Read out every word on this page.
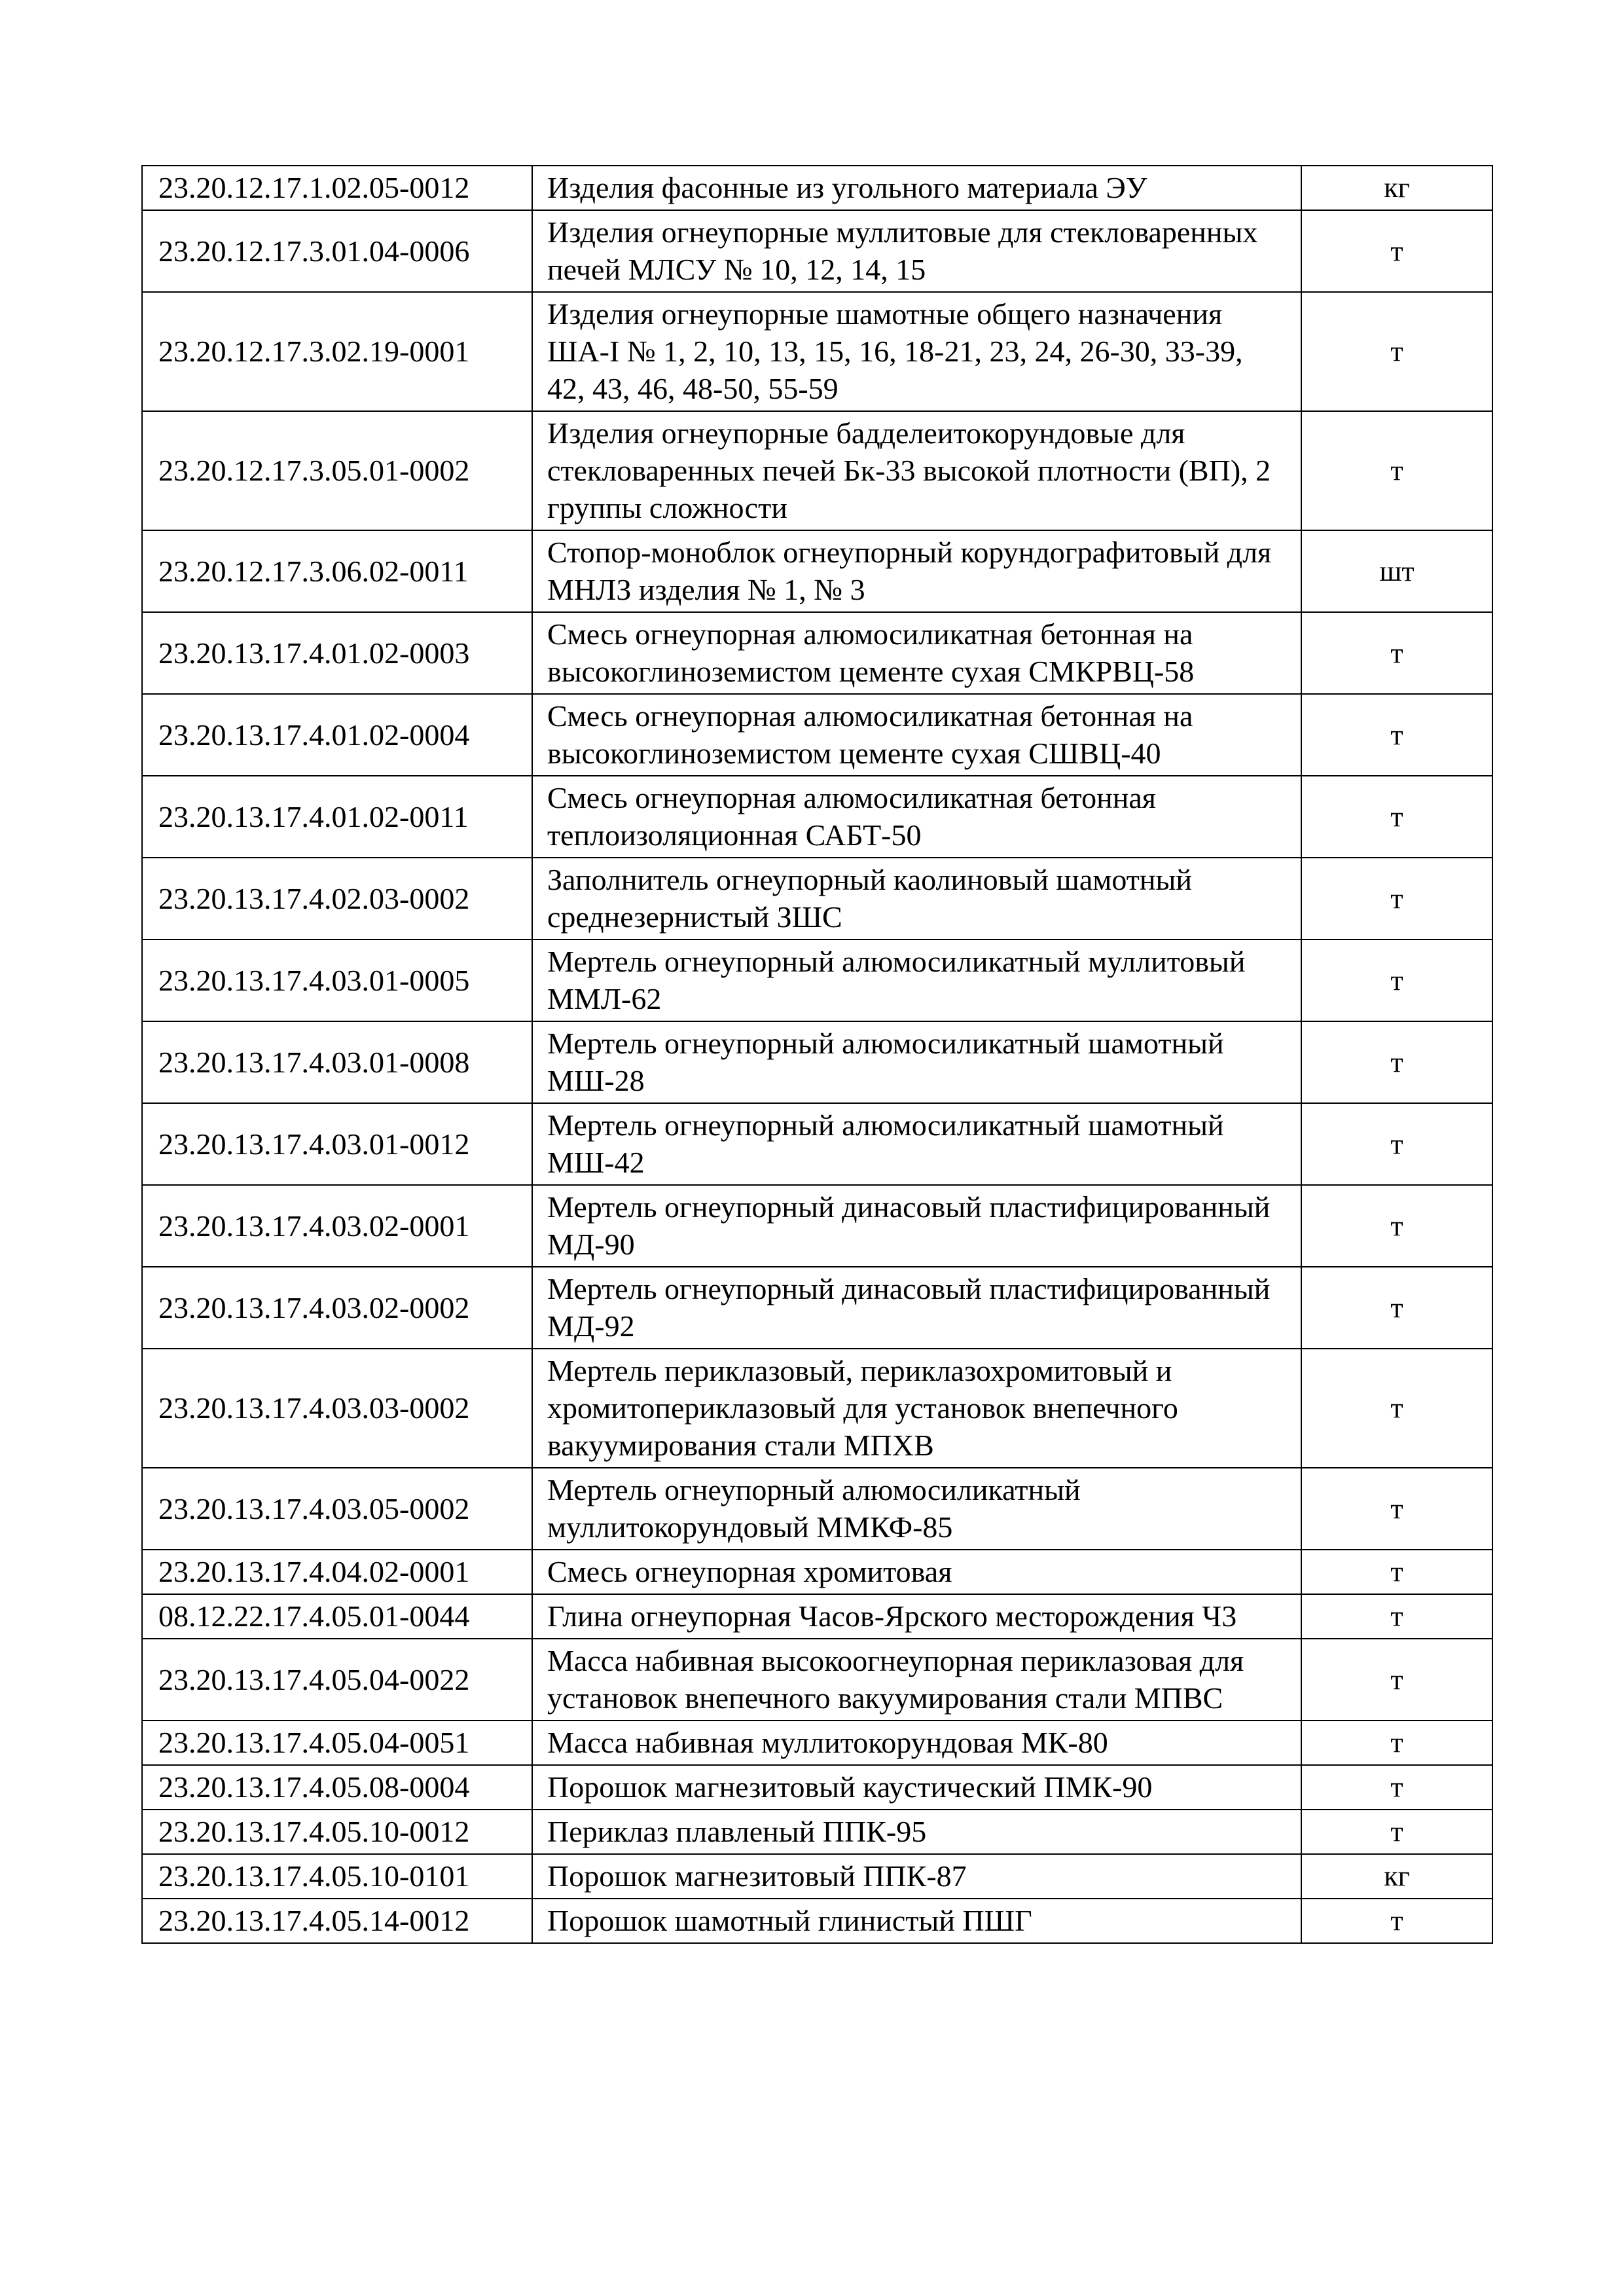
23.20.12.17.1.02.05-0012	Изделия фасонные из угольного материала ЭУ	кг
23.20.12.17.3.01.04-0006	Изделия огнеупорные муллитовые для стекловаренных печей МЛСУ № 10, 12, 14, 15	т
23.20.12.17.3.02.19-0001	Изделия огнеупорные шамотные общего назначения ША-I № 1, 2, 10, 13, 15, 16, 18-21, 23, 24, 26-30, 33-39, 42, 43, 46, 48-50, 55-59	т
23.20.12.17.3.05.01-0002	Изделия огнеупорные бадделеитокорундовые для стекловаренных печей Бк-33 высокой плотности (ВП), 2 группы сложности	т
23.20.12.17.3.06.02-0011	Стопор-моноблок огнеупорный корундографитовый для МНЛЗ изделия № 1, № 3	шт
23.20.13.17.4.01.02-0003	Смесь огнеупорная алюмосиликатная бетонная на высокоглиноземистом цементе сухая СМКРВЦ-58	т
23.20.13.17.4.01.02-0004	Смесь огнеупорная алюмосиликатная бетонная на высокоглиноземистом цементе сухая СШВЦ-40	т
23.20.13.17.4.01.02-0011	Смесь огнеупорная алюмосиликатная бетонная теплоизоляционная САБТ-50	т
23.20.13.17.4.02.03-0002	Заполнитель огнеупорный каолиновый шамотный среднезернистый ЗШС	т
23.20.13.17.4.03.01-0005	Мертель огнеупорный алюмосиликатный муллитовый ММЛ-62	т
23.20.13.17.4.03.01-0008	Мертель огнеупорный алюмосиликатный шамотный МШ-28	т
23.20.13.17.4.03.01-0012	Мертель огнеупорный алюмосиликатный шамотный МШ-42	т
23.20.13.17.4.03.02-0001	Мертель огнеупорный динасовый пластифицированный МД-90	т
23.20.13.17.4.03.02-0002	Мертель огнеупорный динасовый пластифицированный МД-92	т
23.20.13.17.4.03.03-0002	Мертель периклазовый, периклазохромитовый и хромитопериклазовый для установок внепечного вакуумирования стали МПХВ	т
23.20.13.17.4.03.05-0002	Мертель огнеупорный алюмосиликатный муллитокорундовый ММКФ-85	т
23.20.13.17.4.04.02-0001	Смесь огнеупорная хромитовая	т
08.12.22.17.4.05.01-0044	Глина огнеупорная Часов-Ярского месторождения Ч3	т
23.20.13.17.4.05.04-0022	Масса набивная высокоогнеупорная периклазовая для установок внепечного вакуумирования стали МПВС	т
23.20.13.17.4.05.04-0051	Масса набивная муллитокорундовая МК-80	т
23.20.13.17.4.05.08-0004	Порошок магнезитовый каустический ПМК-90	т
23.20.13.17.4.05.10-0012	Периклаз плавленый ППК-95	т
23.20.13.17.4.05.10-0101	Порошок магнезитовый ППК-87	кг
23.20.13.17.4.05.14-0012	Порошок шамотный глинистый ПШГ	т
